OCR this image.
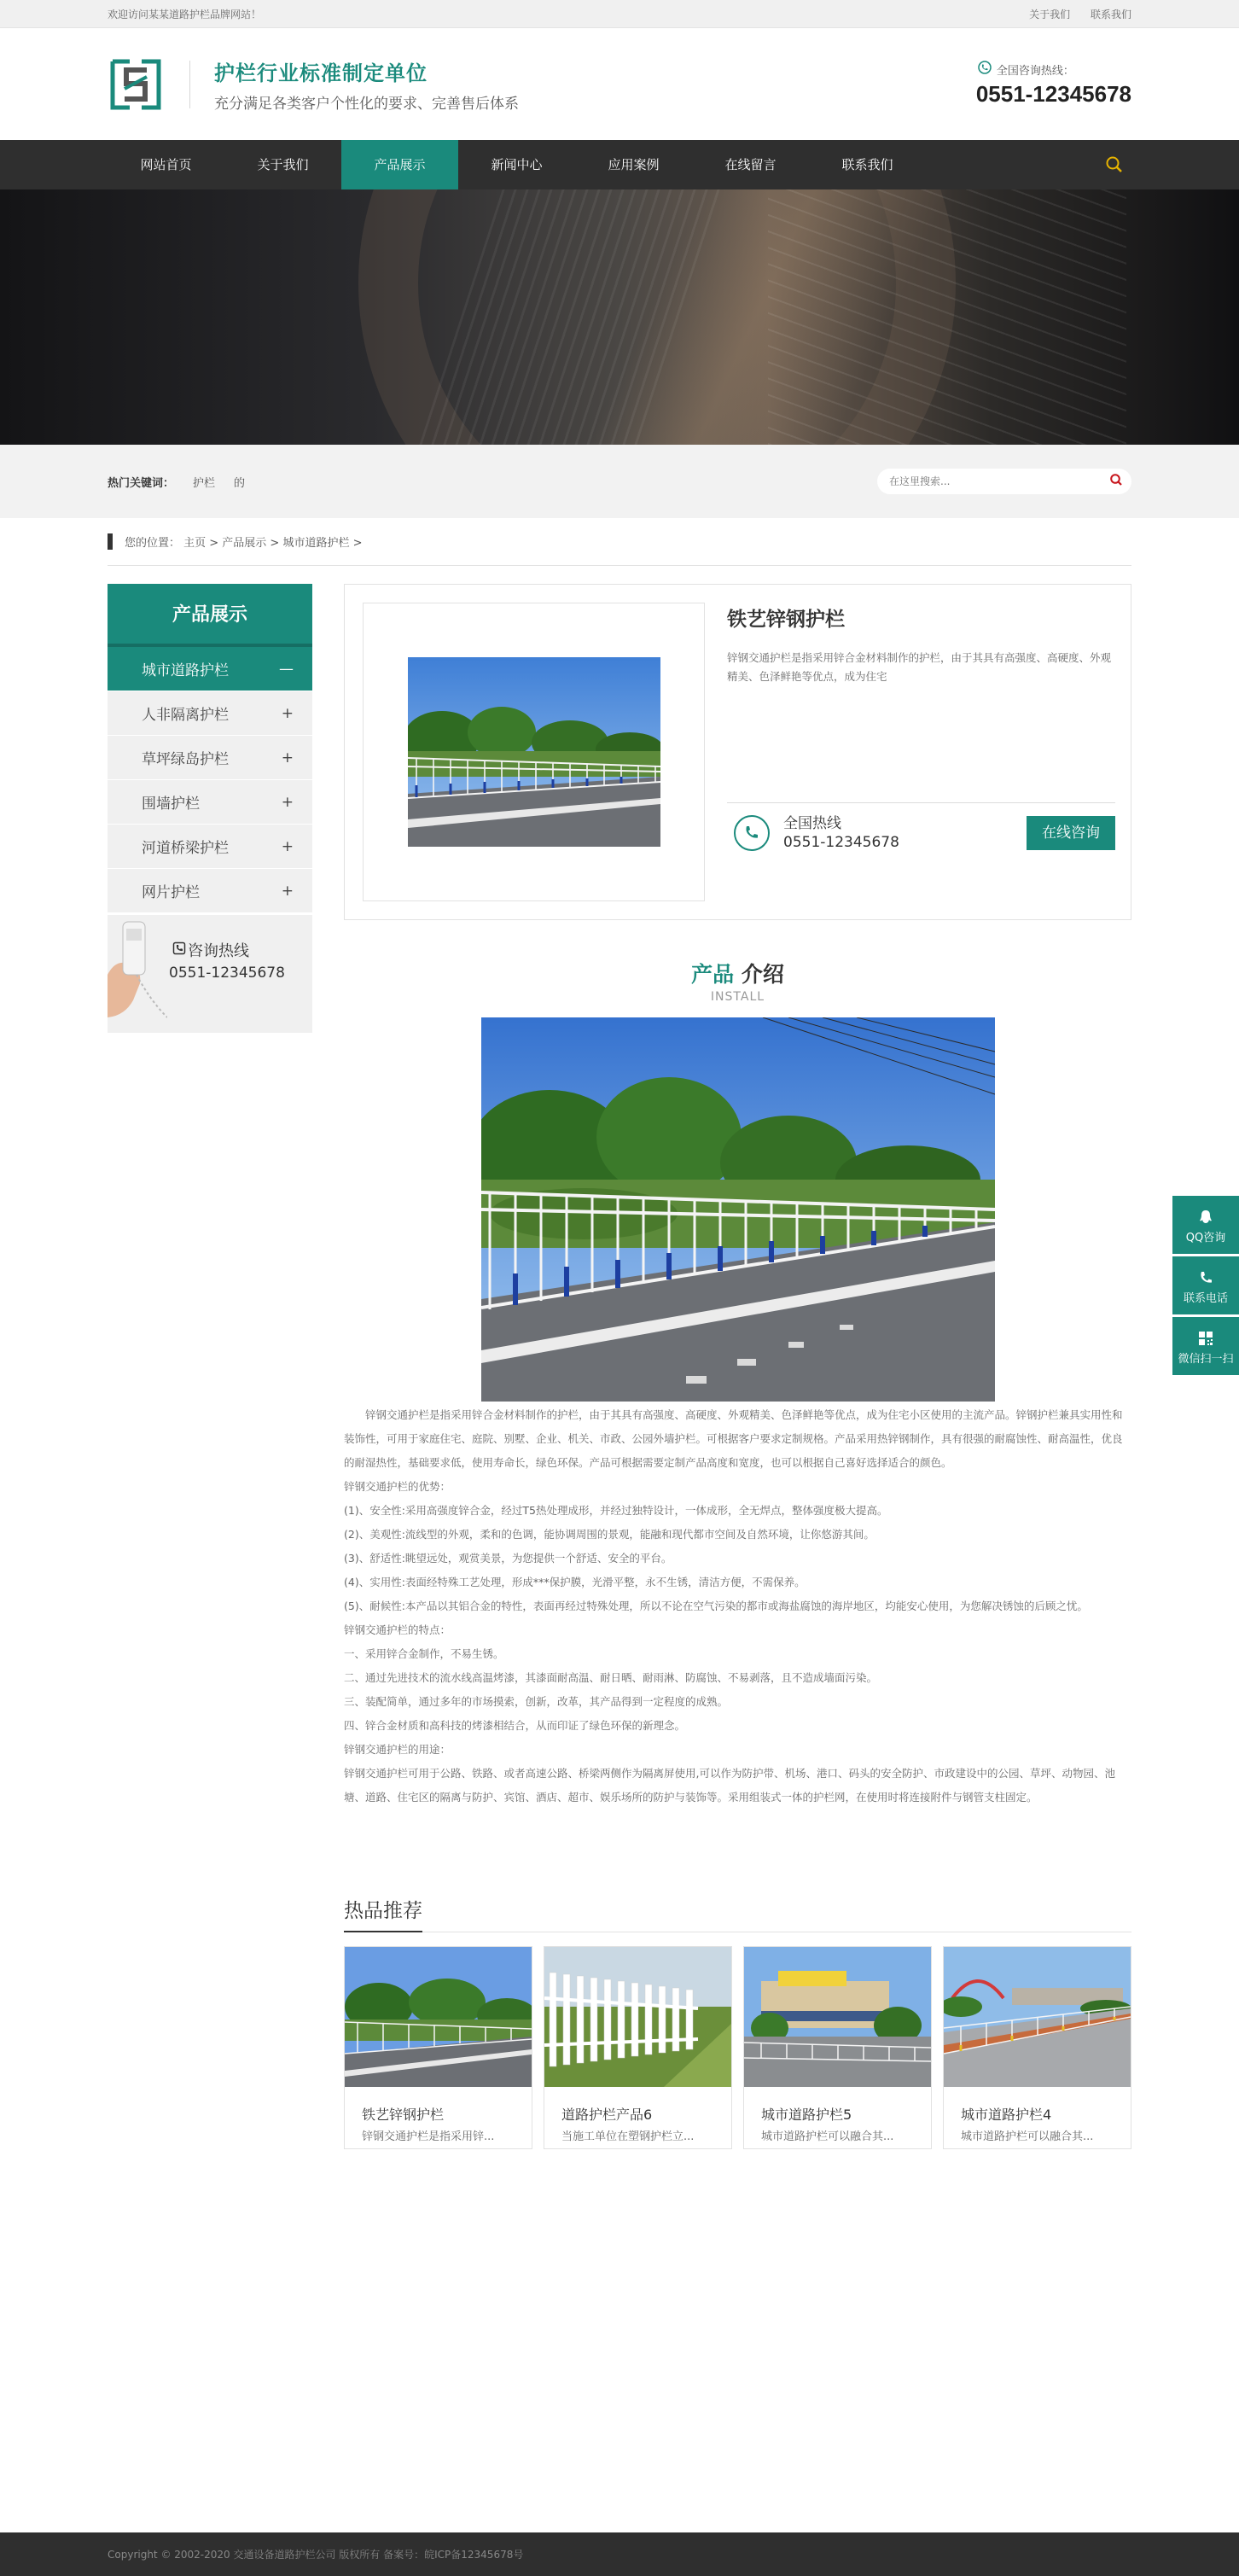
欢迎访问某某道路护栏品牌网站！	关于我们 联系我们
护栏行业标准制定单位
充分满足各类客户个性化的要求、完善售后体系
全国咨询热线：
0551-12345678
网站首页	关于我们	产品展示	新闻中心	应用案例	在线留言	联系我们
热门关键词： 护栏 的
在这里搜索...
您的位置： 主页 > 产品展示 > 城市道路护栏 >
产品展示
城市道路护栏	—
人非隔离护栏	+
草坪绿岛护栏	+
围墙护栏	+
河道桥梁护栏	+
网片护栏	+
咨询热线
0551-12345678
铁艺锌钢护栏
锌钢交通护栏是指采用锌合金材料制作的护栏，由于其具有高强度、高硬度、外观精美、色泽鲜艳等优点，成为住宅
全国热线
0551-12345678
在线咨询
产品 介绍
INSTALL

锌钢交通护栏是指采用锌合金材料制作的护栏，由于其具有高强度、高硬度、外观精美、色泽鲜艳等优点，成为住宅小区使用的主流产品。锌钢护栏兼具实用性和装饰性，可用于家庭住宅、庭院、别墅、企业、机关、市政、公园外墙护栏。可根据客户要求定制规格。产品采用热锌钢制作，具有很强的耐腐蚀性、耐高温性，优良的耐湿热性，基础要求低，使用寿命长，绿色环保。产品可根据需要定制产品高度和宽度，也可以根据自己喜好选择适合的颜色。

锌钢交通护栏的优势：

(1)、安全性:采用高强度锌合金，经过T5热处理成形，并经过独特设计，一体成形，全无焊点，整体强度极大提高。

(2)、美观性:流线型的外观，柔和的色调，能协调周围的景观，能融和现代都市空间及自然环境，让你悠游其间。

(3)、舒适性:眺望远处，观赏美景，为您提供一个舒适、安全的平台。

(4)、实用性:表面经特殊工艺处理，形成***保护膜，光滑平整，永不生锈，清洁方便，不需保养。

(5)、耐候性:本产品以其铝合金的特性，表面再经过特殊处理，所以不论在空气污染的都市或海盐腐蚀的海岸地区，均能安心使用，为您解决锈蚀的后顾之忧。

锌钢交通护栏的特点：

一、采用锌合金制作，不易生锈。

二、通过先进技术的流水线高温烤漆，其漆面耐高温、耐日晒、耐雨淋、防腐蚀、不易剥落，且不造成墙面污染。

三、装配简单，通过多年的市场摸索，创新，改革，其产品得到一定程度的成熟。

四、锌合金材质和高科技的烤漆相结合，从而印证了绿色环保的新理念。

锌钢交通护栏的用途：

锌钢交通护栏可用于公路、铁路、或者高速公路、桥梁两侧作为隔离屏使用,可以作为防护带、机场、港口、码头的安全防护、市政建设中的公园、草坪、动物园、池塘、道路、住宅区的隔离与防护、宾馆、酒店、超市、娱乐场所的防护与装饰等。采用组装式一体的护栏网，在使用时将连接附件与钢管支柱固定。

热品推荐
铁艺锌钢护栏
锌钢交通护栏是指采用锌...
道路护栏产品6
当施工单位在塑钢护栏立...
城市道路护栏5
城市道路护栏可以融合其...
城市道路护栏4
城市道路护栏可以融合其...
QQ咨询
联系电话
微信扫一扫
Copyright © 2002-2020 交通设备道路护栏公司 版权所有 备案号：皖ICP备12345678号
